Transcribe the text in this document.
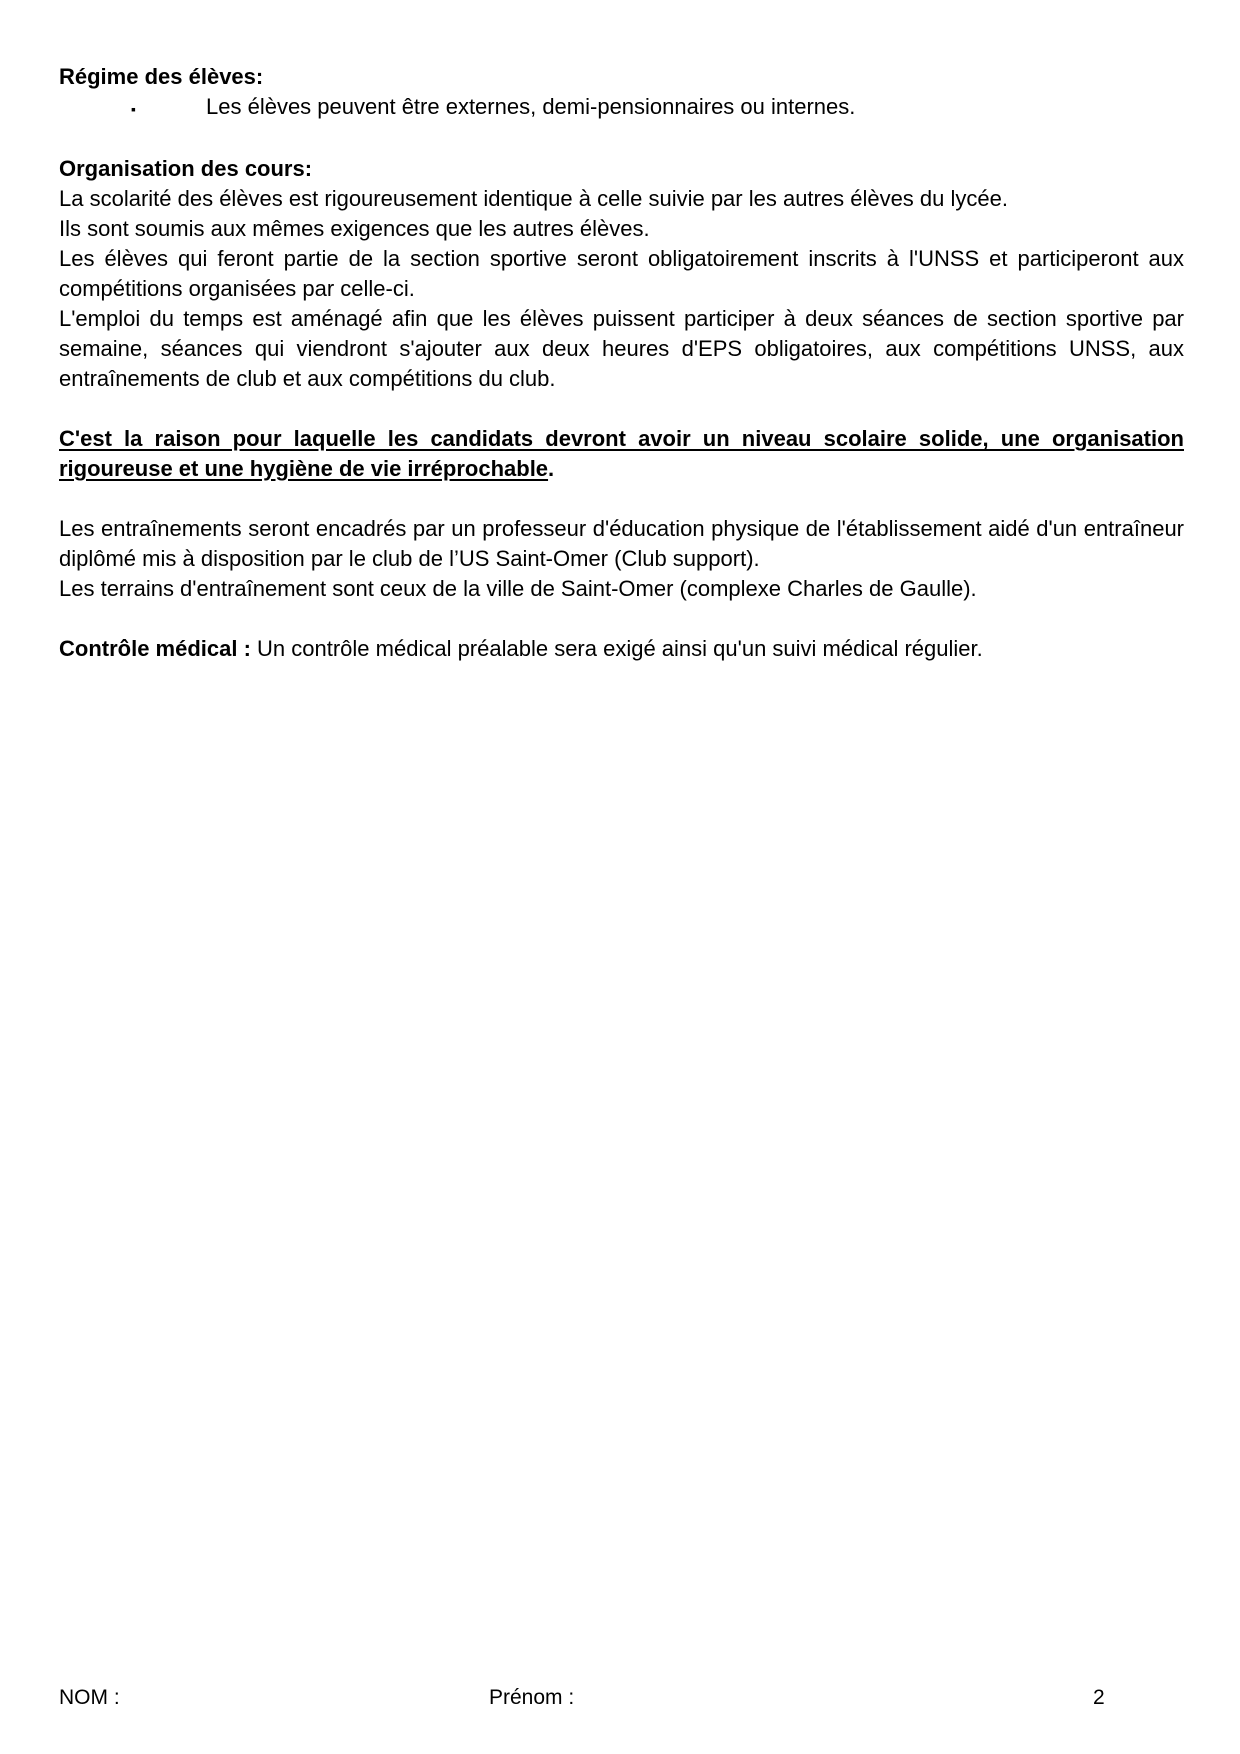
Régime des élèves:
▪	Les élèves peuvent être externes, demi-pensionnaires ou internes.
Organisation des cours:

La scolarité des élèves est rigoureusement identique à celle suivie par les autres élèves du lycée.

Ils sont soumis aux mêmes exigences que les autres élèves.

Les élèves qui feront partie de la section sportive seront obligatoirement inscrits à l'UNSS et participeront aux compétitions organisées par celle-ci.

L'emploi du temps est aménagé afin que les élèves puissent participer à deux séances de section sportive par semaine, séances qui viendront s'ajouter aux deux heures d'EPS obligatoires, aux compétitions UNSS, aux entraînements de club et aux compétitions du club.

C'est la raison pour laquelle les candidats devront avoir un niveau scolaire solide, une organisation rigoureuse et une hygiène de vie irréprochable.

Les entraînements seront encadrés par un professeur d'éducation physique de l'établissement aidé d'un entraîneur diplômé mis à disposition par le club de l’US Saint-Omer (Club support).

Les terrains d'entraînement sont ceux de la ville de Saint-Omer (complexe Charles de Gaulle).

Contrôle médical : Un contrôle médical préalable sera exigé ainsi qu'un suivi médical régulier.

NOM :	Prénom :	2
